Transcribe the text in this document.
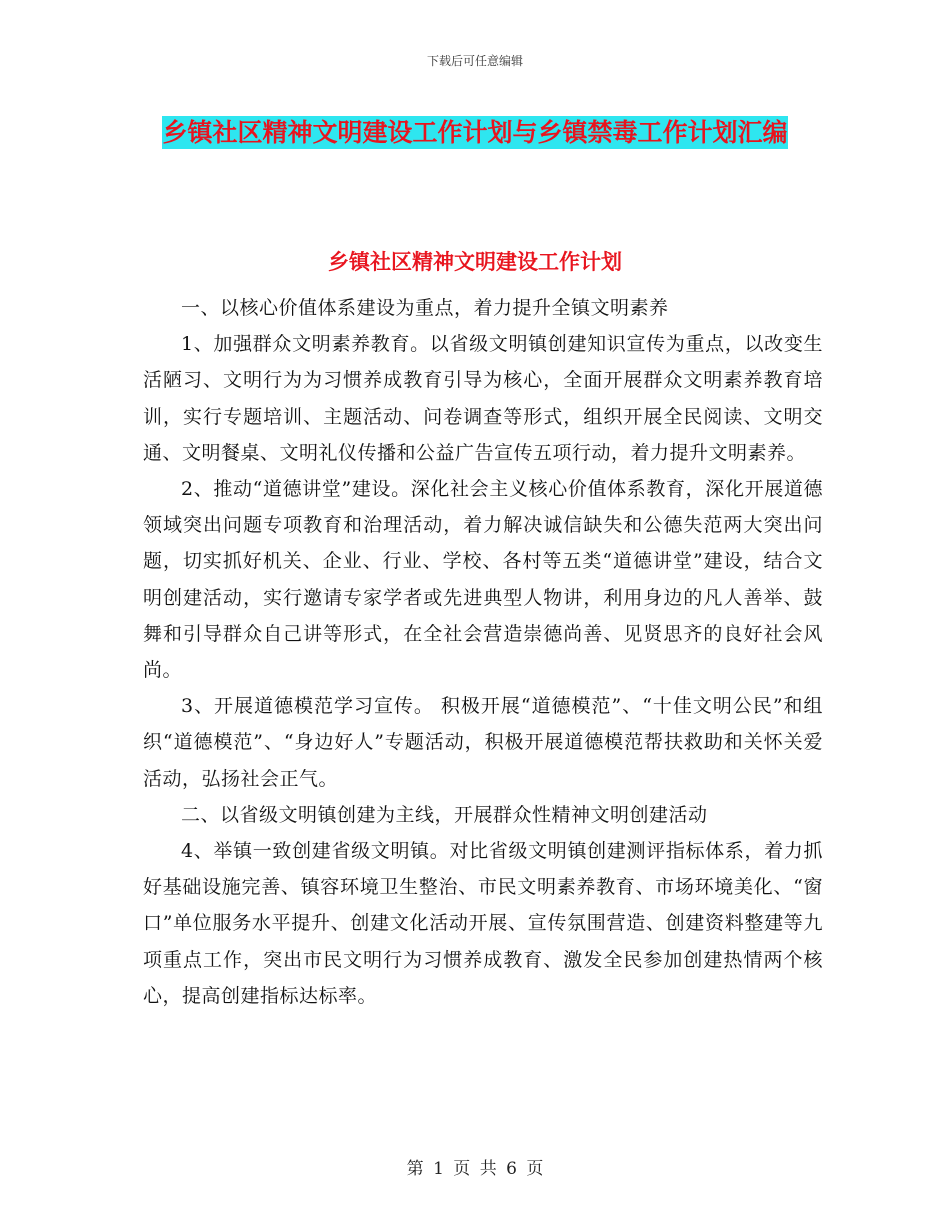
下载后可任意编辑
乡镇社区精神文明建设工作计划与乡镇禁毒工作计划汇编
乡镇社区精神文明建设工作计划

一、以核心价值体系建设为重点，着力提升全镇文明素养

1、加强群众文明素养教育。以省级文明镇创建知识宣传为重点，以改变生活陋习、文明行为为习惯养成教育引导为核心，全面开展群众文明素养教育培训，实行专题培训、主题活动、问卷调查等形式，组织开展全民阅读、文明交通、文明餐桌、文明礼仪传播和公益广告宣传五项行动，着力提升文明素养。

2、推动“道德讲堂”建设。深化社会主义核心价值体系教育，深化开展道德领域突出问题专项教育和治理活动，着力解决诚信缺失和公德失范两大突出问题，切实抓好机关、企业、行业、学校、各村等五类“道德讲堂”建设，结合文明创建活动，实行邀请专家学者或先进典型人物讲，利用身边的凡人善举、鼓舞和引导群众自己讲等形式，在全社会营造崇德尚善、见贤思齐的良好社会风尚。

3、开展道德模范学习宣传。 积极开展“道德模范”、“十佳文明公民”和组织“道德模范”、“身边好人”专题活动，积极开展道德模范帮扶救助和关怀关爱活动，弘扬社会正气。

二、以省级文明镇创建为主线，开展群众性精神文明创建活动

4、举镇一致创建省级文明镇。对比省级文明镇创建测评指标体系，着力抓好基础设施完善、镇容环境卫生整治、市民文明素养教育、市场环境美化、“窗口”单位服务水平提升、创建文化活动开展、宣传氛围营造、创建资料整建等九项重点工作，突出市民文明行为习惯养成教育、激发全民参加创建热情两个核心，提高创建指标达标率。

第 1 页 共 6 页
